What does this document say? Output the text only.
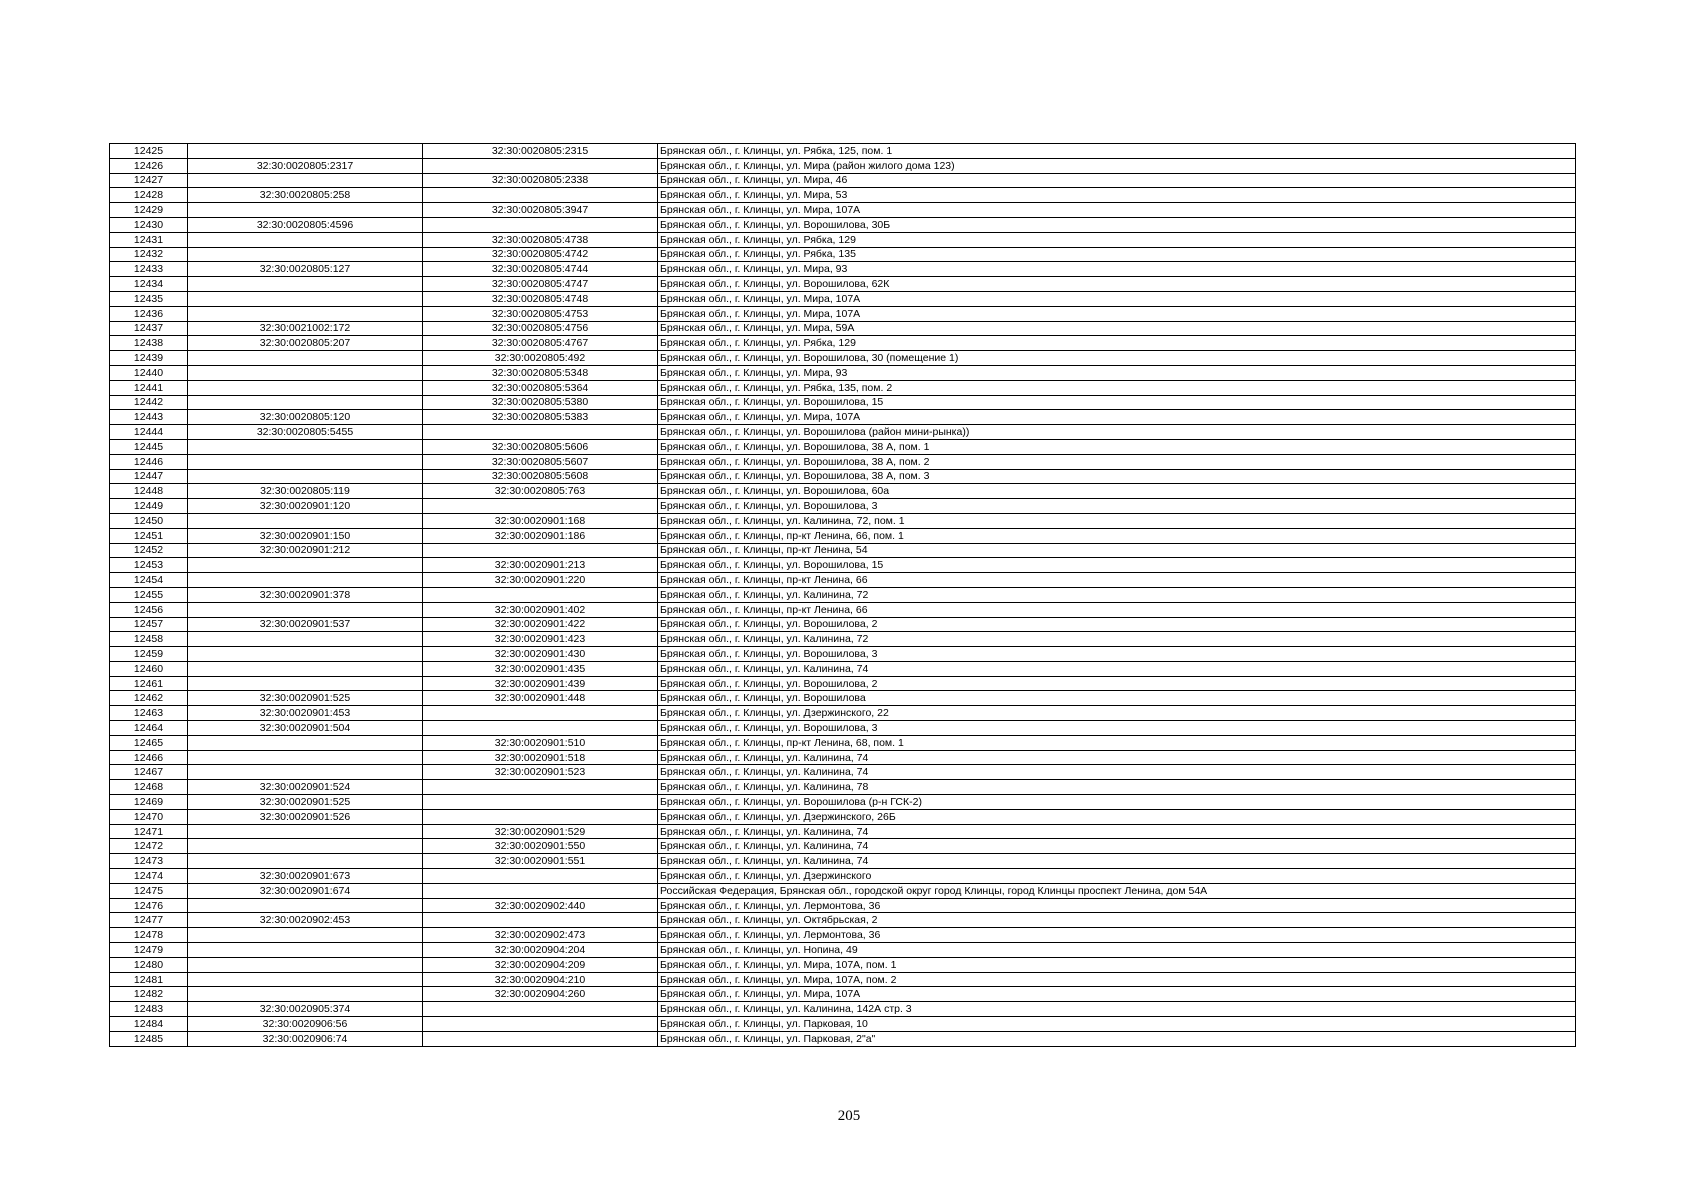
12425		32:30:0020805:2315	Брянская обл., г. Клинцы, ул. Рябка, 125, пом. 1
12426	32:30:0020805:2317		Брянская обл., г. Клинцы, ул. Мира (район жилого дома 123)
12427		32:30:0020805:2338	Брянская обл., г. Клинцы, ул. Мира, 46
12428	32:30:0020805:258		Брянская обл., г. Клинцы, ул. Мира, 53
12429		32:30:0020805:3947	Брянская обл., г. Клинцы, ул. Мира, 107А
12430	32:30:0020805:4596		Брянская обл., г. Клинцы, ул. Ворошилова, 30Б
12431		32:30:0020805:4738	Брянская обл., г. Клинцы, ул. Рябка, 129
12432		32:30:0020805:4742	Брянская обл., г. Клинцы, ул. Рябка, 135
12433	32:30:0020805:127	32:30:0020805:4744	Брянская обл., г. Клинцы, ул. Мира, 93
12434		32:30:0020805:4747	Брянская обл., г. Клинцы, ул. Ворошилова, 62К
12435		32:30:0020805:4748	Брянская обл., г. Клинцы, ул. Мира, 107А
12436		32:30:0020805:4753	Брянская обл., г. Клинцы, ул. Мира, 107А
12437	32:30:0021002:172	32:30:0020805:4756	Брянская обл., г. Клинцы, ул. Мира, 59А
12438	32:30:0020805:207	32:30:0020805:4767	Брянская обл., г. Клинцы, ул. Рябка, 129
12439		32:30:0020805:492	Брянская обл., г. Клинцы, ул. Ворошилова, 30 (помещение 1)
12440		32:30:0020805:5348	Брянская обл., г. Клинцы, ул. Мира, 93
12441		32:30:0020805:5364	Брянская обл., г. Клинцы, ул. Рябка, 135, пом. 2
12442		32:30:0020805:5380	Брянская обл., г. Клинцы, ул. Ворошилова, 15
12443	32:30:0020805:120	32:30:0020805:5383	Брянская обл., г. Клинцы, ул. Мира, 107А
12444	32:30:0020805:5455		Брянская обл., г. Клинцы, ул. Ворошилова (район мини-рынка))
12445		32:30:0020805:5606	Брянская обл., г. Клинцы, ул. Ворошилова, 38 А, пом. 1
12446		32:30:0020805:5607	Брянская обл., г. Клинцы, ул. Ворошилова, 38 А, пом. 2
12447		32:30:0020805:5608	Брянская обл., г. Клинцы, ул. Ворошилова, 38 А, пом. 3
12448	32:30:0020805:119	32:30:0020805:763	Брянская обл., г. Клинцы, ул. Ворошилова, 60а
12449	32:30:0020901:120		Брянская обл., г. Клинцы, ул. Ворошилова, 3
12450		32:30:0020901:168	Брянская обл., г. Клинцы, ул. Калинина, 72, пом. 1
12451	32:30:0020901:150	32:30:0020901:186	Брянская обл., г. Клинцы, пр-кт Ленина, 66, пом. 1
12452	32:30:0020901:212		Брянская обл., г. Клинцы, пр-кт Ленина, 54
12453		32:30:0020901:213	Брянская обл., г. Клинцы, ул. Ворошилова, 15
12454		32:30:0020901:220	Брянская обл., г. Клинцы, пр-кт Ленина, 66
12455	32:30:0020901:378		Брянская обл., г. Клинцы, ул. Калинина, 72
12456		32:30:0020901:402	Брянская обл., г. Клинцы, пр-кт Ленина, 66
12457	32:30:0020901:537	32:30:0020901:422	Брянская обл., г. Клинцы, ул. Ворошилова, 2
12458		32:30:0020901:423	Брянская обл., г. Клинцы, ул. Калинина, 72
12459		32:30:0020901:430	Брянская обл., г. Клинцы, ул. Ворошилова, 3
12460		32:30:0020901:435	Брянская обл., г. Клинцы, ул. Калинина, 74
12461		32:30:0020901:439	Брянская обл., г. Клинцы, ул. Ворошилова, 2
12462	32:30:0020901:525	32:30:0020901:448	Брянская обл., г. Клинцы, ул. Ворошилова
12463	32:30:0020901:453		Брянская обл., г. Клинцы, ул. Дзержинского, 22
12464	32:30:0020901:504		Брянская обл., г. Клинцы, ул. Ворошилова, 3
12465		32:30:0020901:510	Брянская обл., г. Клинцы, пр-кт Ленина, 68, пом. 1
12466		32:30:0020901:518	Брянская обл., г. Клинцы, ул. Калинина, 74
12467		32:30:0020901:523	Брянская обл., г. Клинцы, ул. Калинина, 74
12468	32:30:0020901:524		Брянская обл., г. Клинцы, ул. Калинина, 78
12469	32:30:0020901:525		Брянская обл., г. Клинцы, ул. Ворошилова (р-н ГСК-2)
12470	32:30:0020901:526		Брянская обл., г. Клинцы, ул. Дзержинского, 26Б
12471		32:30:0020901:529	Брянская обл., г. Клинцы, ул. Калинина, 74
12472		32:30:0020901:550	Брянская обл., г. Клинцы, ул. Калинина, 74
12473		32:30:0020901:551	Брянская обл., г. Клинцы, ул. Калинина, 74
12474	32:30:0020901:673		Брянская обл., г. Клинцы, ул. Дзержинского
12475	32:30:0020901:674		Российская Федерация, Брянская обл., городской округ город Клинцы, город Клинцы проспект Ленина, дом 54А
12476		32:30:0020902:440	Брянская обл., г. Клинцы, ул. Лермонтова, 36
12477	32:30:0020902:453		Брянская обл., г. Клинцы, ул. Октябрьская, 2
12478		32:30:0020902:473	Брянская обл., г. Клинцы, ул. Лермонтова, 36
12479		32:30:0020904:204	Брянская обл., г. Клинцы, ул. Нопина, 49
12480		32:30:0020904:209	Брянская обл., г. Клинцы, ул. Мира, 107А, пом. 1
12481		32:30:0020904:210	Брянская обл., г. Клинцы, ул. Мира, 107А, пом. 2
12482		32:30:0020904:260	Брянская обл., г. Клинцы, ул. Мира, 107А
12483	32:30:0020905:374		Брянская обл., г. Клинцы, ул. Калинина, 142А стр. 3
12484	32:30:0020906:56		Брянская обл., г. Клинцы, ул. Парковая, 10
12485	32:30:0020906:74		Брянская обл., г. Клинцы, ул. Парковая, 2"а"
205
